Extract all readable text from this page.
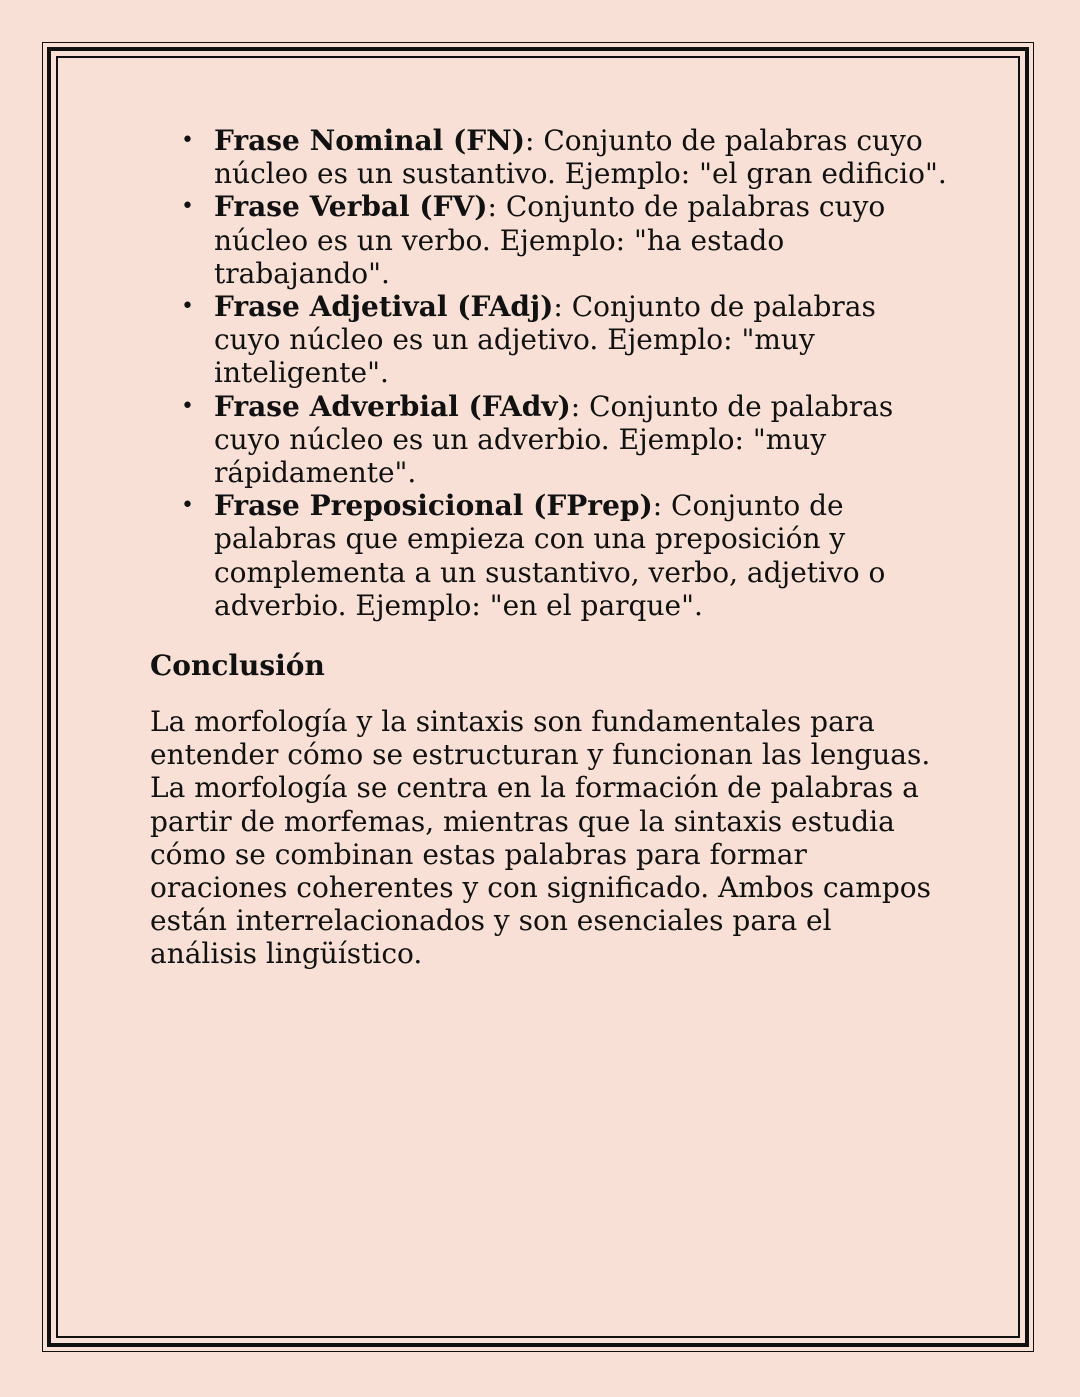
• Frase Nominal (FN): Conjunto de palabras cuyo núcleo es un sustantivo. Ejemplo: "el gran edificio".
• Frase Verbal (FV): Conjunto de palabras cuyo núcleo es un verbo. Ejemplo: "ha estado trabajando".
• Frase Adjetival (FAdj): Conjunto de palabras cuyo núcleo es un adjetivo. Ejemplo: "muy inteligente".
• Frase Adverbial (FAdv): Conjunto de palabras cuyo núcleo es un adverbio. Ejemplo: "muy rápidamente".
• Frase Preposicional (FPrep): Conjunto de palabras que empieza con una preposición y complementa a un sustantivo, verbo, adjetivo o adverbio. Ejemplo: "en el parque".
Conclusión
La morfología y la sintaxis son fundamentales para entender cómo se estructuran y funcionan las lenguas. La morfología se centra en la formación de palabras a partir de morfemas, mientras que la sintaxis estudia cómo se combinan estas palabras para formar oraciones coherentes y con significado. Ambos campos están interrelacionados y son esenciales para el análisis lingüístico.
